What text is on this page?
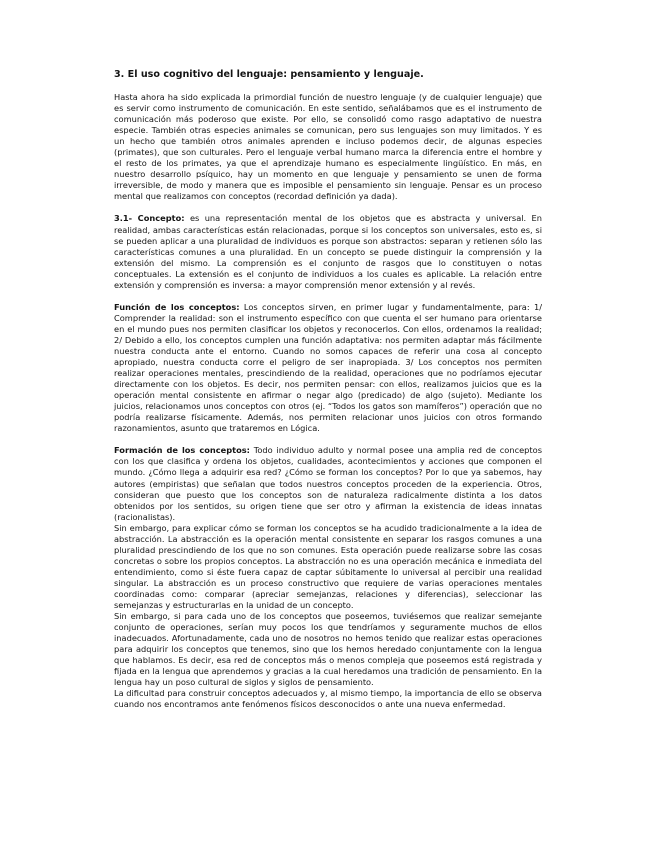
3. El uso cognitivo del lenguaje: pensamiento y lenguaje.

Hasta ahora ha sido explicada la primordial función de nuestro lenguaje (y de cualquier lenguaje) que es servir como instrumento de comunicación. En este sentido, señalábamos que es el instrumento de comunicación más poderoso que existe. Por ello, se consolidó como rasgo adaptativo de nuestra especie. También otras especies animales se comunican, pero sus lenguajes son muy limitados. Y es un hecho que también otros animales aprenden e incluso podemos decir, de algunas especies (primates), que son culturales. Pero el lenguaje verbal humano marca la diferencia entre el hombre y el resto de los primates, ya que el aprendizaje humano es especialmente lingüístico. En más, en nuestro desarrollo psíquico, hay un momento en que lenguaje y pensamiento se unen de forma irreversible, de modo y manera que es imposible el pensamiento sin lenguaje. Pensar es un proceso mental que realizamos con conceptos (recordad definición ya dada).

3.1- Concepto: es una representación mental de los objetos que es abstracta y universal. En realidad, ambas características están relacionadas, porque si los conceptos son universales, esto es, si se pueden aplicar a una pluralidad de individuos es porque son abstractos: separan y retienen sólo las características comunes a una pluralidad. En un concepto se puede distinguir la comprensión y la extensión del mismo. La comprensión es el conjunto de rasgos que lo constituyen o notas conceptuales. La extensión es el conjunto de individuos a los cuales es aplicable. La relación entre extensión y comprensión es inversa: a mayor comprensión menor extensión y al revés.

Función de los conceptos: Los conceptos sirven, en primer lugar y fundamentalmente, para: 1/ Comprender la realidad: son el instrumento específico con que cuenta el ser humano para orientarse en el mundo pues nos permiten clasificar los objetos y reconocerlos. Con ellos, ordenamos la realidad; 2/ Debido a ello, los conceptos cumplen una función adaptativa: nos permiten adaptar más fácilmente nuestra conducta ante el entorno. Cuando no somos capaces de referir una cosa al concepto apropiado, nuestra conducta corre el peligro de ser inapropiada. 3/ Los conceptos nos permiten realizar operaciones mentales, prescindiendo de la realidad, operaciones que no podríamos ejecutar directamente con los objetos. Es decir, nos permiten pensar: con ellos, realizamos juicios que es la operación mental consistente en afirmar o negar algo (predicado) de algo (sujeto). Mediante los juicios, relacionamos unos conceptos con otros (ej. “Todos los gatos son mamíferos”) operación que no podría realizarse físicamente. Además, nos permiten relacionar unos juicios con otros formando razonamientos, asunto que trataremos en Lógica.

Formación de los conceptos: Todo individuo adulto y normal posee una amplia red de conceptos con los que clasifica y ordena los objetos, cualidades, acontecimientos y acciones que componen el mundo. ¿Cómo llega a adquirir esa red? ¿Cómo se forman los conceptos? Por lo que ya sabemos, hay autores (empiristas) que señalan que todos nuestros conceptos proceden de la experiencia. Otros, consideran que puesto que los conceptos son de naturaleza radicalmente distinta a los datos obtenidos por los sentidos, su origen tiene que ser otro y afirman la existencia de ideas innatas (racionalistas).

Sin embargo, para explicar cómo se forman los conceptos se ha acudido tradicionalmente a la idea de abstracción. La abstracción es la operación mental consistente en separar los rasgos comunes a una pluralidad prescindiendo de los que no son comunes. Esta operación puede realizarse sobre las cosas concretas o sobre los propios conceptos. La abstracción no es una operación mecánica e inmediata del entendimiento, como si éste fuera capaz de captar súbitamente lo universal al percibir una realidad singular. La abstracción es un proceso constructivo que requiere de varias operaciones mentales coordinadas como: comparar (apreciar semejanzas, relaciones y diferencias), seleccionar las semejanzas y estructurarlas en la unidad de un concepto.

Sin embargo, si para cada uno de los conceptos que poseemos, tuviésemos que realizar semejante conjunto de operaciones, serían muy pocos los que tendríamos y seguramente muchos de ellos inadecuados. Afortunadamente, cada uno de nosotros no hemos tenido que realizar estas operaciones para adquirir los conceptos que tenemos, sino que los hemos heredado conjuntamente con la lengua que hablamos. Es decir, esa red de conceptos más o menos compleja que poseemos está registrada y fijada en la lengua que aprendemos y gracias a la cual heredamos una tradición de pensamiento. En la lengua hay un poso cultural de siglos y siglos de pensamiento.

La dificultad para construir conceptos adecuados y, al mismo tiempo, la importancia de ello se observa cuando nos encontramos ante fenómenos físicos desconocidos o ante una nueva enfermedad.
